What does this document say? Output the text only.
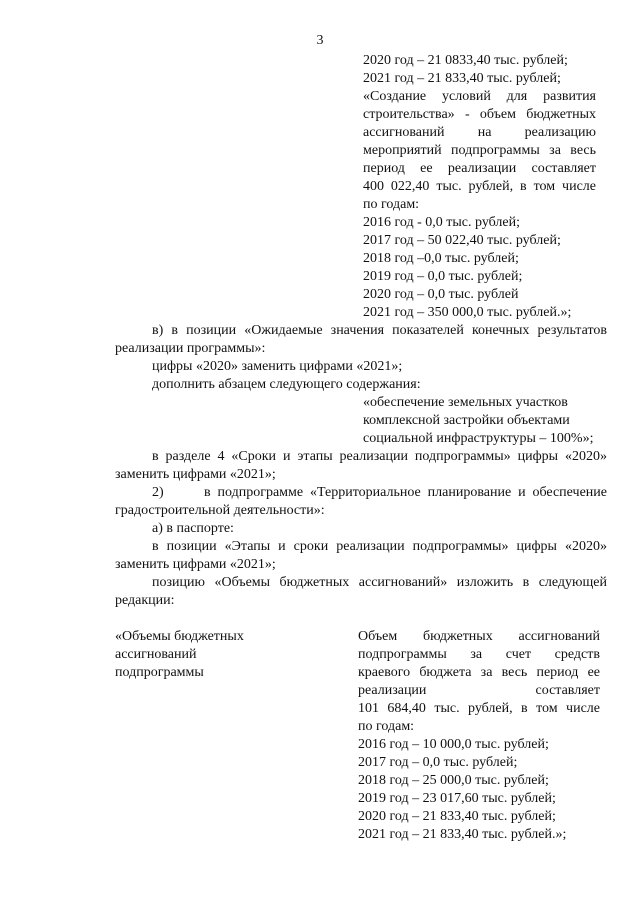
3
2020 год – 21 0833,40 тыс. рублей;
2021 год – 21 833,40 тыс. рублей;
«Создание условий для развития
строительства» - объем бюджетных
ассигнований на реализацию
мероприятий подпрограммы за весь
период ее реализации составляет
400 022,40 тыс. рублей, в том числе
по годам:
2016 год - 0,0 тыс. рублей;
2017 год – 50 022,40 тыс. рублей;
2018 год –0,0 тыс. рублей;
2019 год – 0,0 тыс. рублей;
2020 год – 0,0 тыс. рублей
2021 год – 350 000,0 тыс. рублей.»;
в) в позиции «Ожидаемые значения показателей конечных результатов
реализации программы»:
цифры «2020» заменить цифрами «2021»;
дополнить абзацем следующего содержания:
«обеспечение земельных участков
комплексной застройки объектами
социальной инфраструктуры – 100%»;
в разделе 4 «Сроки и этапы реализации подпрограммы» цифры «2020»
заменить цифрами «2021»;
2)	в подпрограмме «Территориальное планирование и обеспечение
градостроительной деятельности»:
а) в паспорте:
в позиции «Этапы и сроки реализации подпрограммы» цифры «2020»
заменить цифрами «2021»;
позицию «Объемы бюджетных ассигнований» изложить в следующей
редакции:
«Объемы бюджетных
ассигнований
подпрограммы
Объем бюджетных ассигнований
подпрограммы за счет средств
краевого бюджета за весь период ее
реализации составляет
101 684,40 тыс. рублей, в том числе
по годам:
2016 год – 10 000,0 тыс. рублей;
2017 год – 0,0 тыс. рублей;
2018 год – 25 000,0 тыс. рублей;
2019 год – 23 017,60 тыс. рублей;
2020 год – 21 833,40 тыс. рублей;
2021 год – 21 833,40 тыс. рублей.»;
